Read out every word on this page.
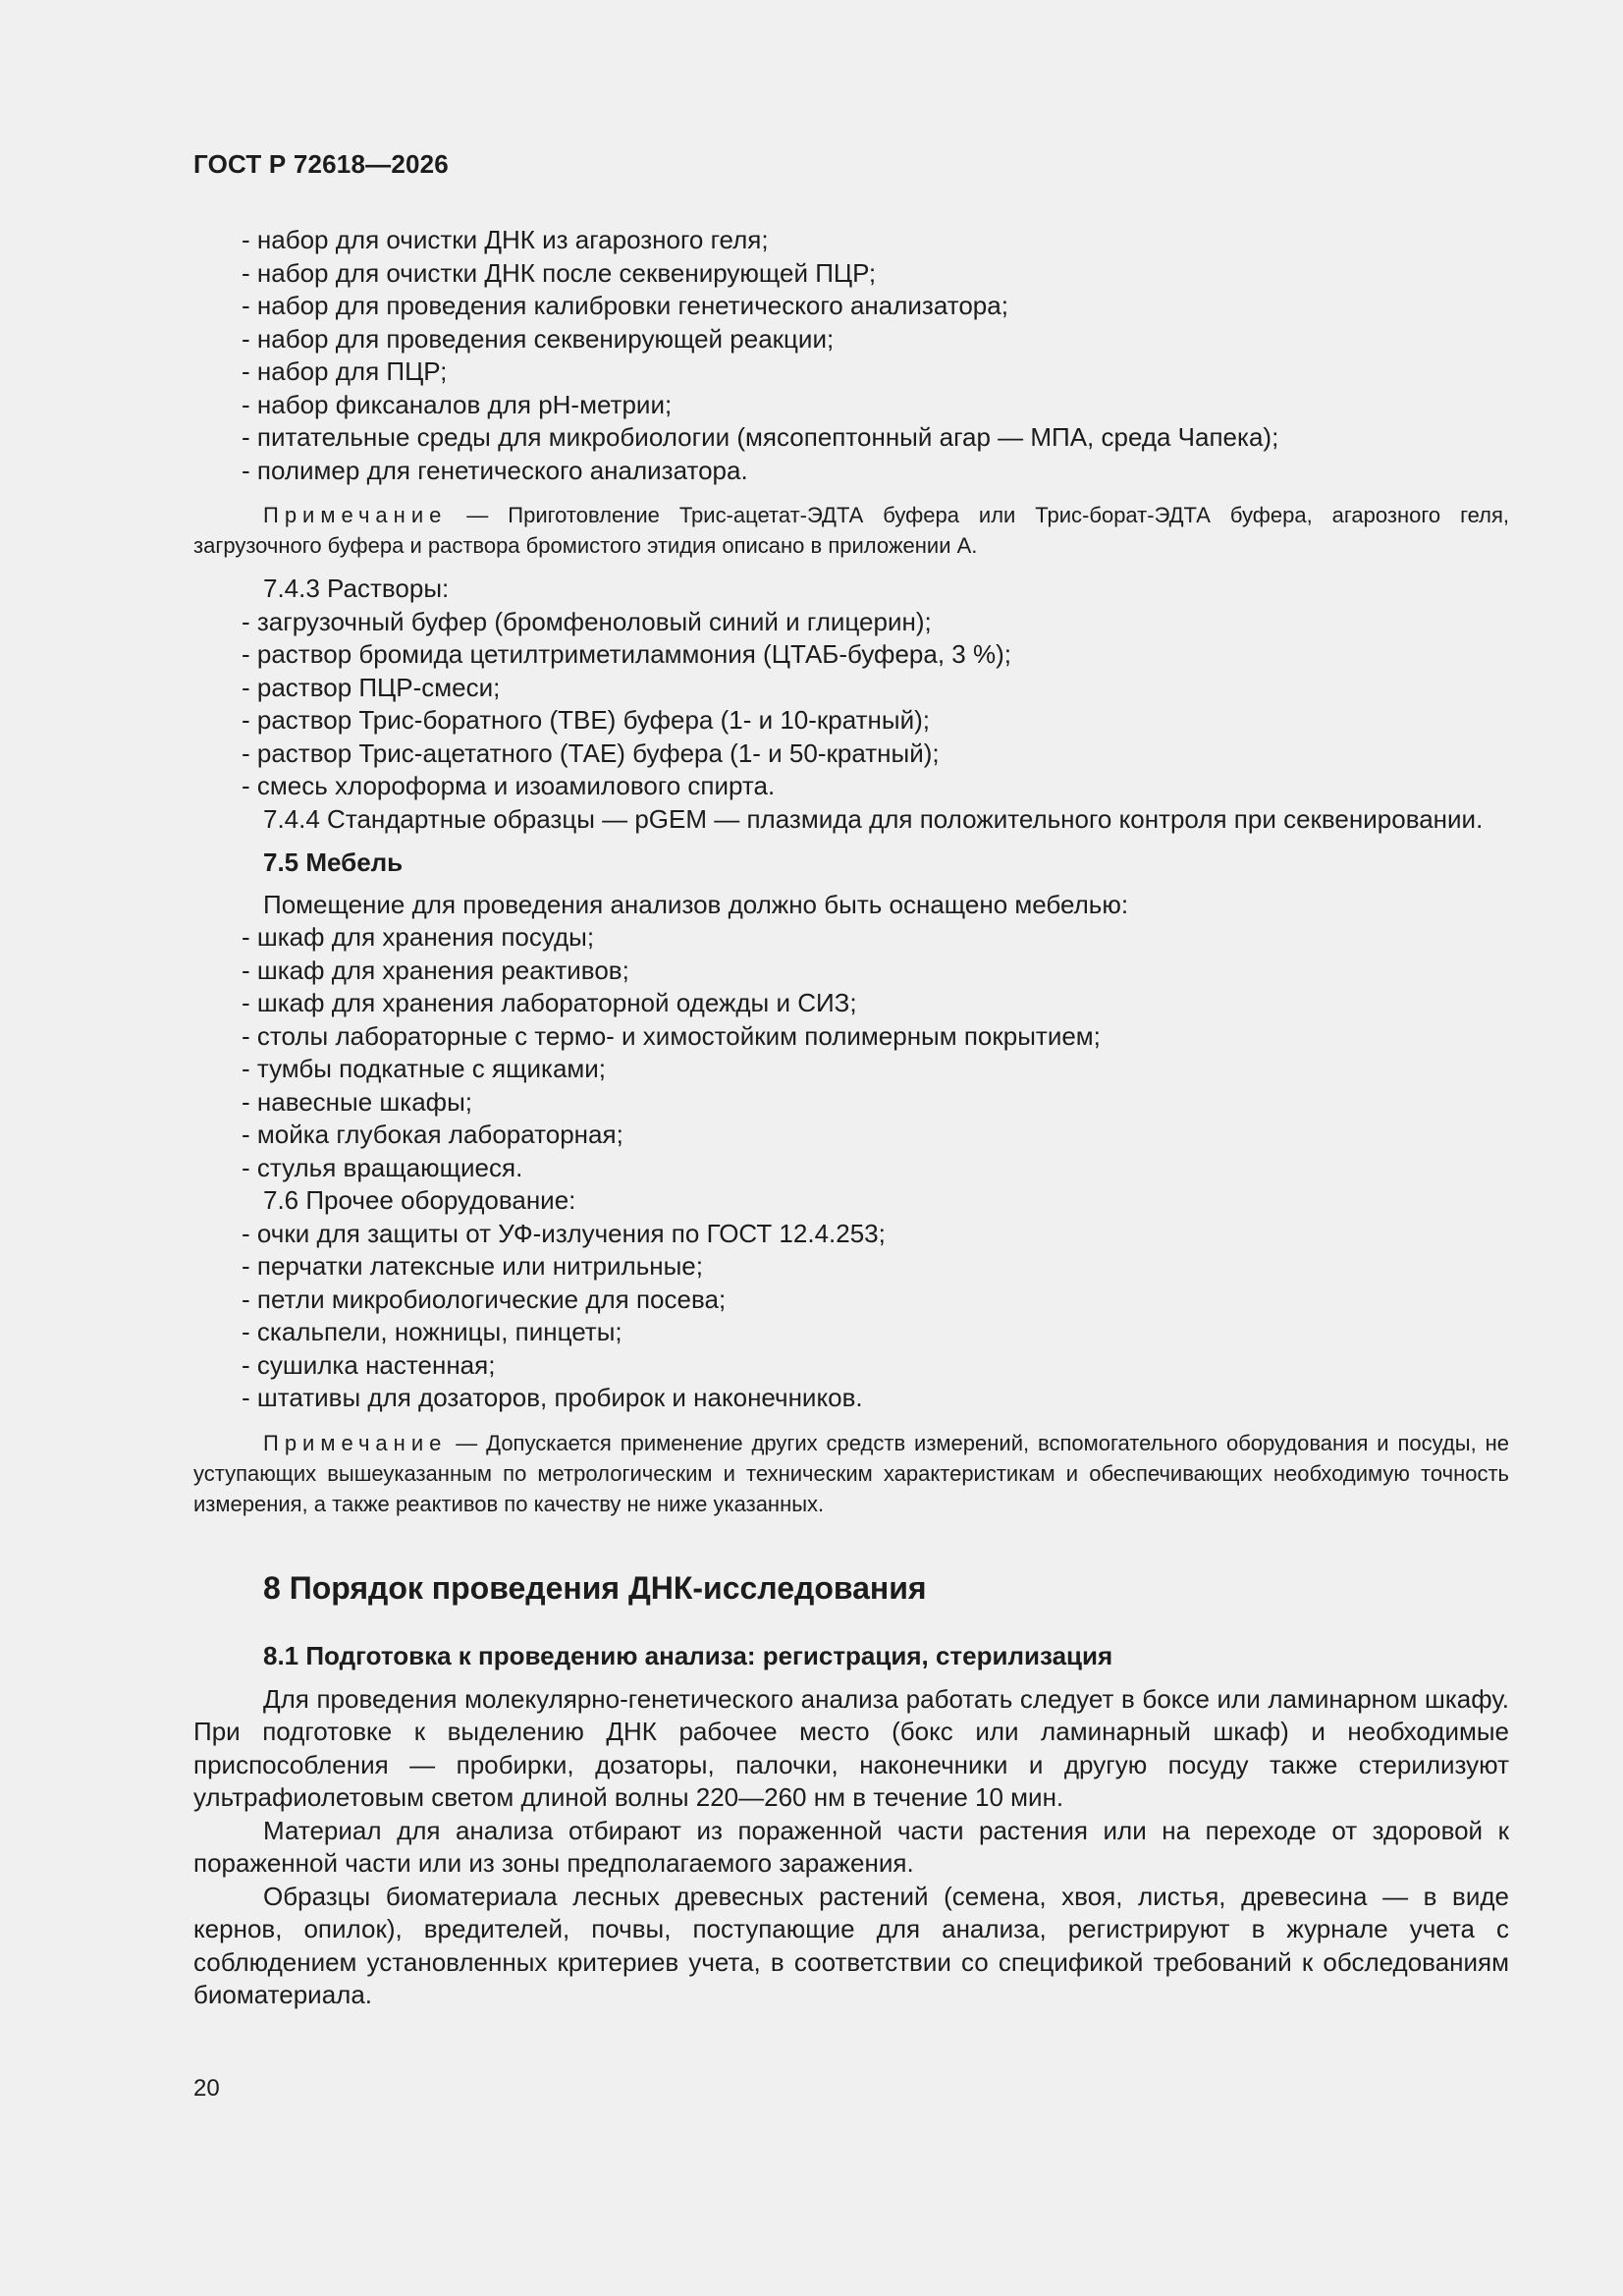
ГОСТ Р 72618—2026

- набор для очистки ДНК из агарозного геля;

- набор для очистки ДНК после секвенирующей ПЦР;

- набор для проведения калибровки генетического анализатора;

- набор для проведения секвенирующей реакции;

- набор для ПЦР;

- набор фиксаналов для рН-метрии;

- питательные среды для микробиологии (мясопептонный агар — МПА, среда Чапека);

- полимер для генетического анализатора.

Примечание — Приготовление Трис-ацетат-ЭДТА буфера или Трис-борат-ЭДТА буфера, агарозного геля, загрузочного буфера и раствора бромистого этидия описано в приложении А.

7.4.3 Растворы:

- загрузочный буфер (бромфеноловый синий и глицерин);

- раствор бромида цетилтриметиламмония (ЦТАБ-буфера, 3 %);

- раствор ПЦР-смеси;

- раствор Трис-боратного (ТВЕ) буфера (1- и 10-кратный);

- раствор Трис-ацетатного (ТАЕ) буфера (1- и 50-кратный);

- смесь хлороформа и изоамилового спирта.

7.4.4 Стандартные образцы — pGEM — плазмида для положительного контроля при секвенировании.

7.5 Мебель

Помещение для проведения анализов должно быть оснащено мебелью:

- шкаф для хранения посуды;

- шкаф для хранения реактивов;

- шкаф для хранения лабораторной одежды и СИЗ;

- столы лабораторные с термо- и химостойким полимерным покрытием;

- тумбы подкатные с ящиками;

- навесные шкафы;

- мойка глубокая лабораторная;

- стулья вращающиеся.

7.6 Прочее оборудование:

- очки для защиты от УФ-излучения по ГОСТ 12.4.253;

- перчатки латексные или нитрильные;

- петли микробиологические для посева;

- скальпели, ножницы, пинцеты;

- сушилка настенная;

- штативы для дозаторов, пробирок и наконечников.

Примечание — Допускается применение других средств измерений, вспомогательного оборудования и посуды, не уступающих вышеуказанным по метрологическим и техническим характеристикам и обеспечивающих необходимую точность измерения, а также реактивов по качеству не ниже указанных.

8 Порядок проведения ДНК-исследования

8.1 Подготовка к проведению анализа: регистрация, стерилизация

Для проведения молекулярно-генетического анализа работать следует в боксе или ламинарном шкафу. При подготовке к выделению ДНК рабочее место (бокс или ламинарный шкаф) и необходимые приспособления — пробирки, дозаторы, палочки, наконечники и другую посуду также стерилизуют ультрафиолетовым светом длиной волны 220—260 нм в течение 10 мин.

Материал для анализа отбирают из пораженной части растения или на переходе от здоровой к пораженной части или из зоны предполагаемого заражения.

Образцы биоматериала лесных древесных растений (семена, хвоя, листья, древесина — в виде кернов, опилок), вредителей, почвы, поступающие для анализа, регистрируют в журнале учета с соблюдением установленных критериев учета, в соответствии со спецификой требований к обследованиям биоматериала.

20
